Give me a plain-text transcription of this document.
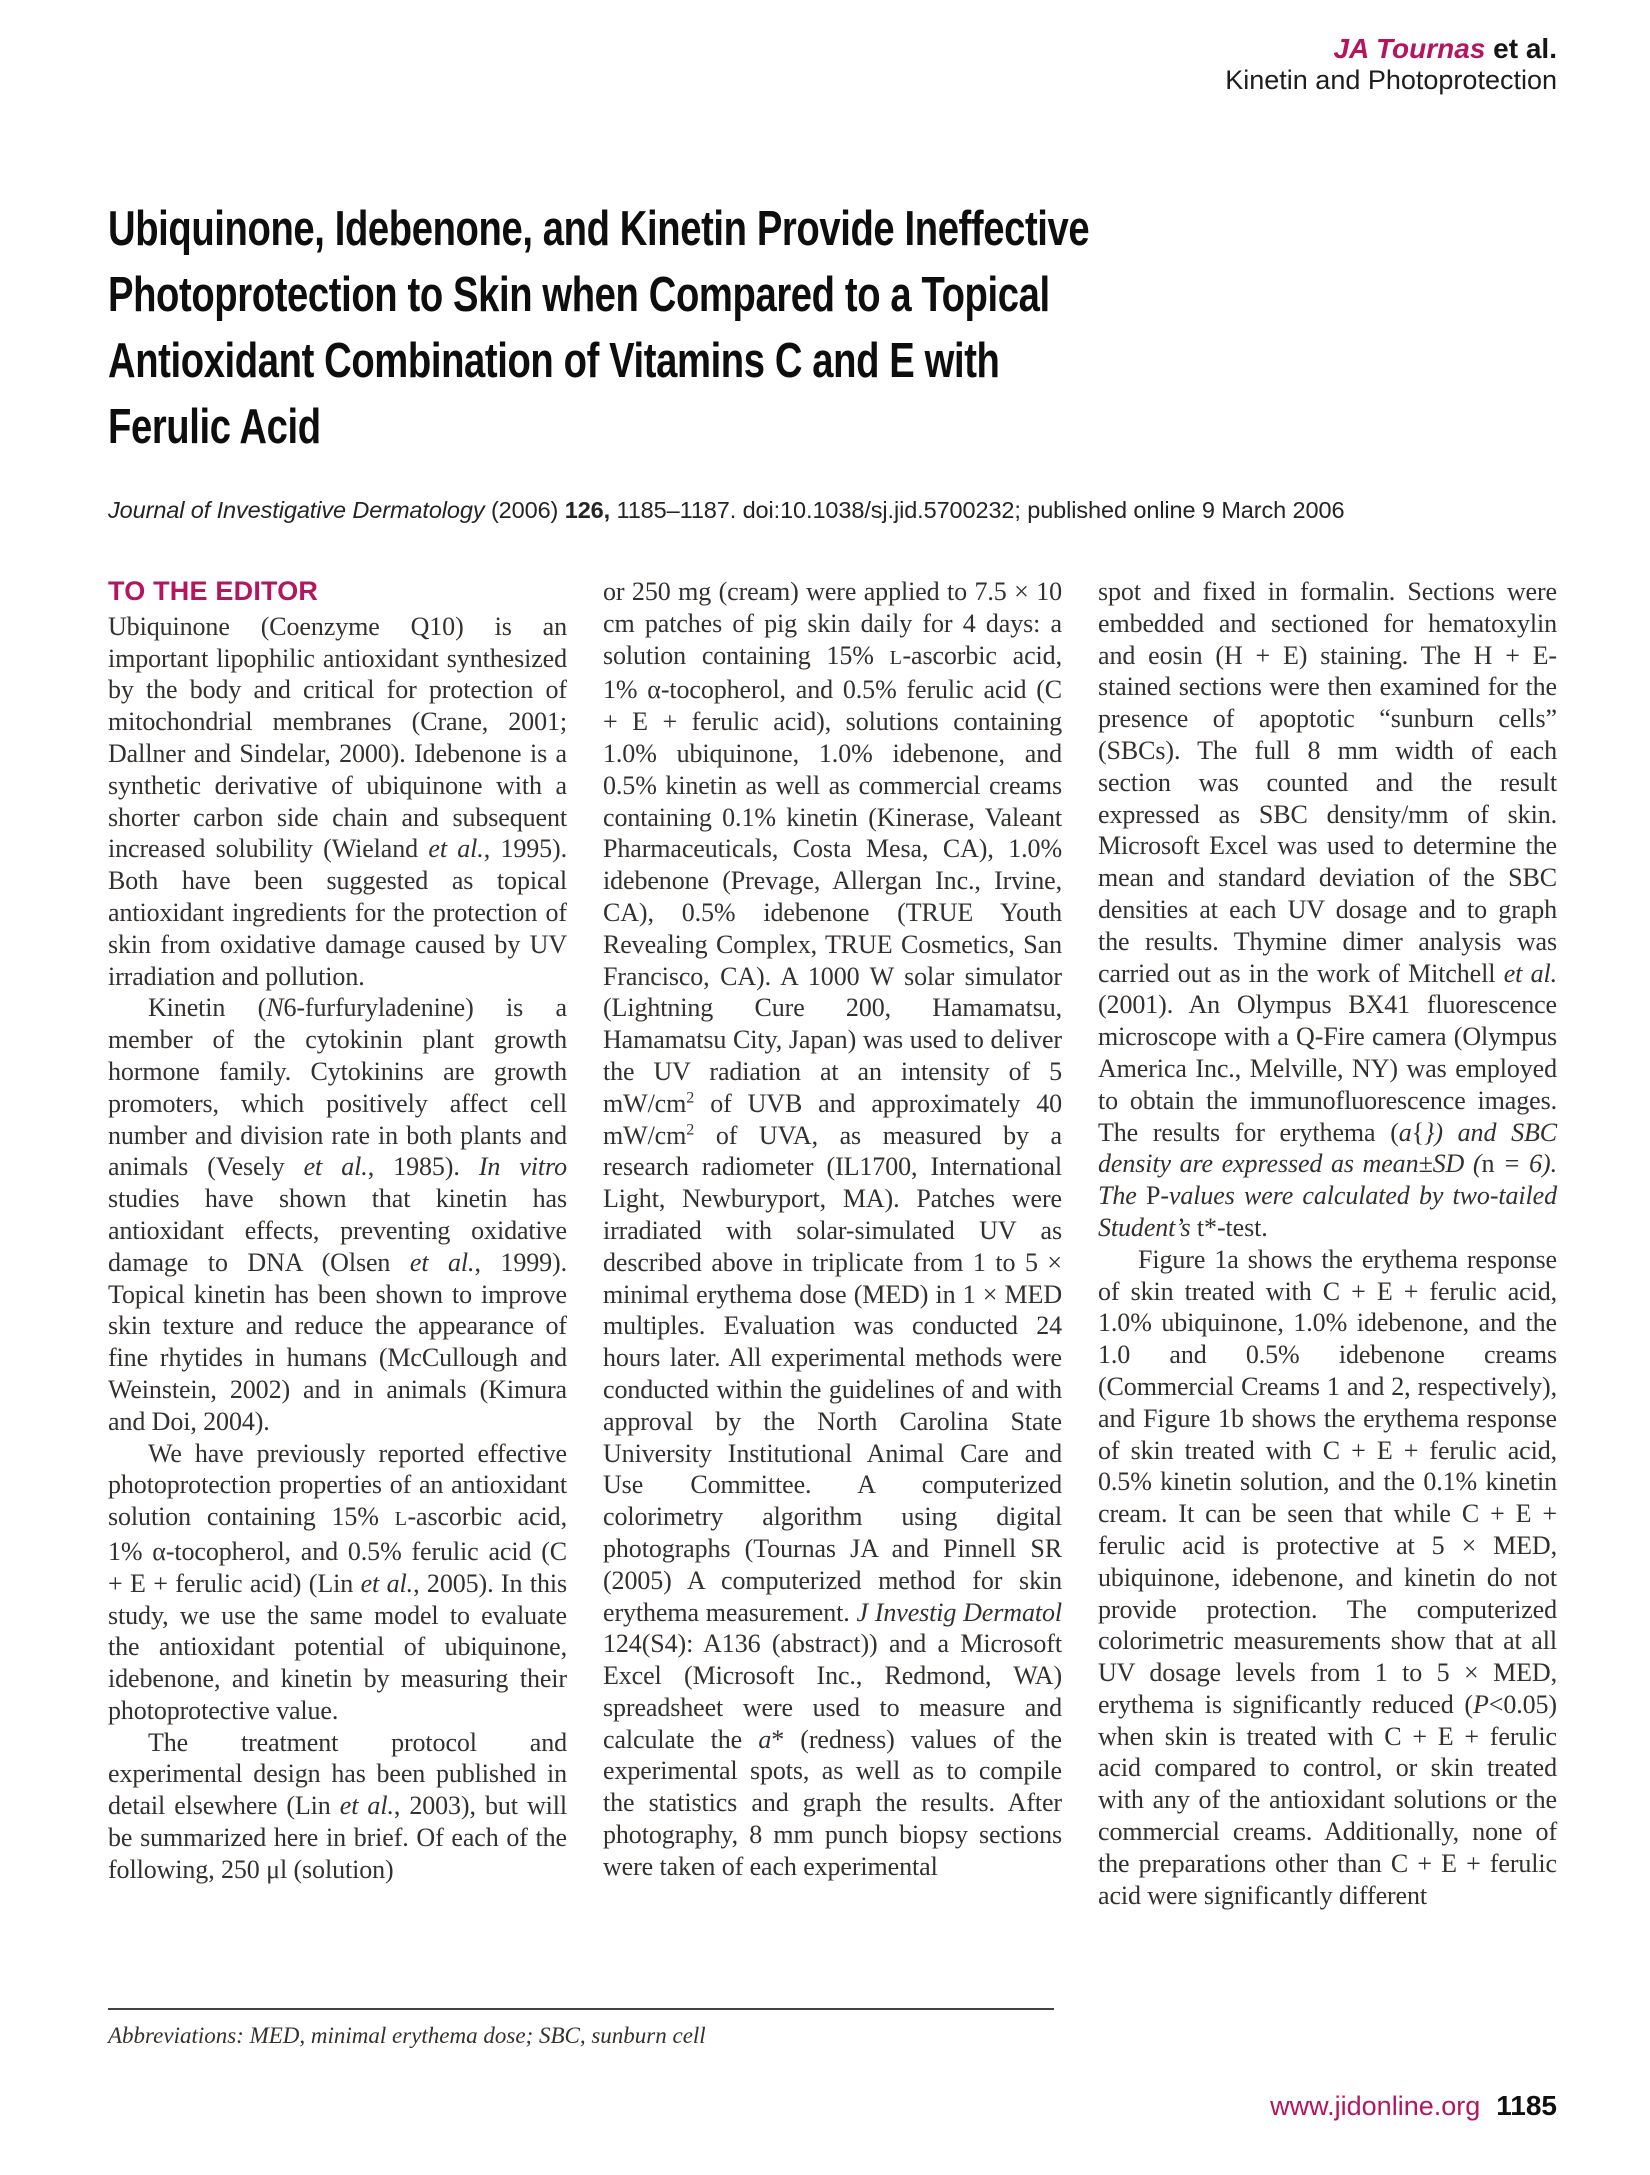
JA Tournas et al.
Kinetin and Photoprotection
Ubiquinone, Idebenone, and Kinetin Provide Ineffective
Photoprotection to Skin when Compared to a Topical
Antioxidant Combination of Vitamins C and E with
Ferulic Acid

Journal of Investigative Dermatology (2006) 126, 1185–1187. doi:10.1038/sj.jid.5700232; published online 9 March 2006

TO THE EDITOR

Ubiquinone (Coenzyme Q10) is an important lipophilic antioxidant synthesized by the body and critical for protection of mitochondrial membranes (Crane, 2001; Dallner and Sindelar, 2000). Idebenone is a synthetic derivative of ubiquinone with a shorter carbon side chain and subsequent increased solubility (Wieland et al., 1995). Both have been suggested as topical antioxidant ingredients for the protection of skin from oxidative damage caused by UV irradiation and pollution.

Kinetin (N6-furfuryladenine) is a member of the cytokinin plant growth hormone family. Cytokinins are growth promoters, which positively affect cell number and division rate in both plants and animals (Vesely et al., 1985). In vitro studies have shown that kinetin has antioxidant effects, preventing oxidative damage to DNA (Olsen et al., 1999). Topical kinetin has been shown to improve skin texture and reduce the appearance of fine rhytides in humans (McCullough and Weinstein, 2002) and in animals (Kimura and Doi, 2004).

We have previously reported effective photoprotection properties of an antioxidant solution containing 15% L-ascorbic acid, 1% α-tocopherol, and 0.5% ferulic acid (C + E + ferulic acid) (Lin et al., 2005). In this study, we use the same model to evaluate the antioxidant potential of ubiquinone, idebenone, and kinetin by measuring their photoprotective value.

The treatment protocol and experimental design has been published in detail elsewhere (Lin et al., 2003), but will be summarized here in brief. Of each of the following, 250 μl (solution)

or 250 mg (cream) were applied to 7.5 × 10 cm patches of pig skin daily for 4 days: a solution containing 15% L-ascorbic acid, 1% α-tocopherol, and 0.5% ferulic acid (C + E + ferulic acid), solutions containing 1.0% ubiquinone, 1.0% idebenone, and 0.5% kinetin as well as commercial creams containing 0.1% kinetin (Kinerase, Valeant Pharmaceuticals, Costa Mesa, CA), 1.0% idebenone (Prevage, Allergan Inc., Irvine, CA), 0.5% idebenone (TRUE Youth Revealing Complex, TRUE Cosmetics, San Francisco, CA). A 1000 W solar simulator (Lightning Cure 200, Hamamatsu, Hamamatsu City, Japan) was used to deliver the UV radiation at an intensity of 5 $mW/cm^2$ of UVB and approximately 40 $mW/cm^2$ of UVA, as measured by a research radiometer (IL1700, International Light, Newburyport, MA). Patches were irradiated with solar-simulated UV as described above in triplicate from 1 to 5 × minimal erythema dose (MED) in 1 × MED multiples. Evaluation was conducted 24 hours later. All experimental methods were conducted within the guidelines of and with approval by the North Carolina State University Institutional Animal Care and Use Committee. A computerized colorimetry algorithm using digital photographs (Tournas JA and Pinnell SR (2005) A computerized method for skin erythema measurement. J Investig Dermatol 124(S4): A136 (abstract)) and a Microsoft Excel (Microsoft Inc., Redmond, WA) spreadsheet were used to measure and calculate the a* (redness) values of the experimental spots, as well as to compile the statistics and graph the results. After photography, 8 mm punch biopsy sections were taken of each experimental

spot and fixed in formalin. Sections were embedded and sectioned for hematoxylin and eosin (H + E) staining. The H + E-stained sections were then examined for the presence of apoptotic “sunburn cells” (SBCs). The full 8 mm width of each section was counted and the result expressed as SBC density/mm of skin. Microsoft Excel was used to determine the mean and standard deviation of the SBC densities at each UV dosage and to graph the results. Thymine dimer analysis was carried out as in the work of Mitchell et al. (2001). An Olympus BX41 fluorescence microscope with a Q-Fire camera (Olympus America Inc., Melville, NY) was employed to obtain the immunofluorescence images. The results for erythema (a{}) and SBC density are expressed as mean±SD (n = 6). The P-values were calculated by two-tailed Student’s t*-test.

Figure 1a shows the erythema response of skin treated with C + E + ferulic acid, 1.0% ubiquinone, 1.0% idebenone, and the 1.0 and 0.5% idebenone creams (Commercial Creams 1 and 2, respectively), and Figure 1b shows the erythema response of skin treated with C + E + ferulic acid, 0.5% kinetin solution, and the 0.1% kinetin cream. It can be seen that while C + E + ferulic acid is protective at 5 × MED, ubiquinone, idebenone, and kinetin do not provide protection. The computerized colorimetric measurements show that at all UV dosage levels from 1 to 5 × MED, erythema is significantly reduced (P<0.05) when skin is treated with C + E + ferulic acid compared to control, or skin treated with any of the antioxidant solutions or the commercial creams. Additionally, none of the preparations other than C + E + ferulic acid were significantly different

Abbreviations: MED, minimal erythema dose; SBC, sunburn cell

www.jidonline.org 1185
